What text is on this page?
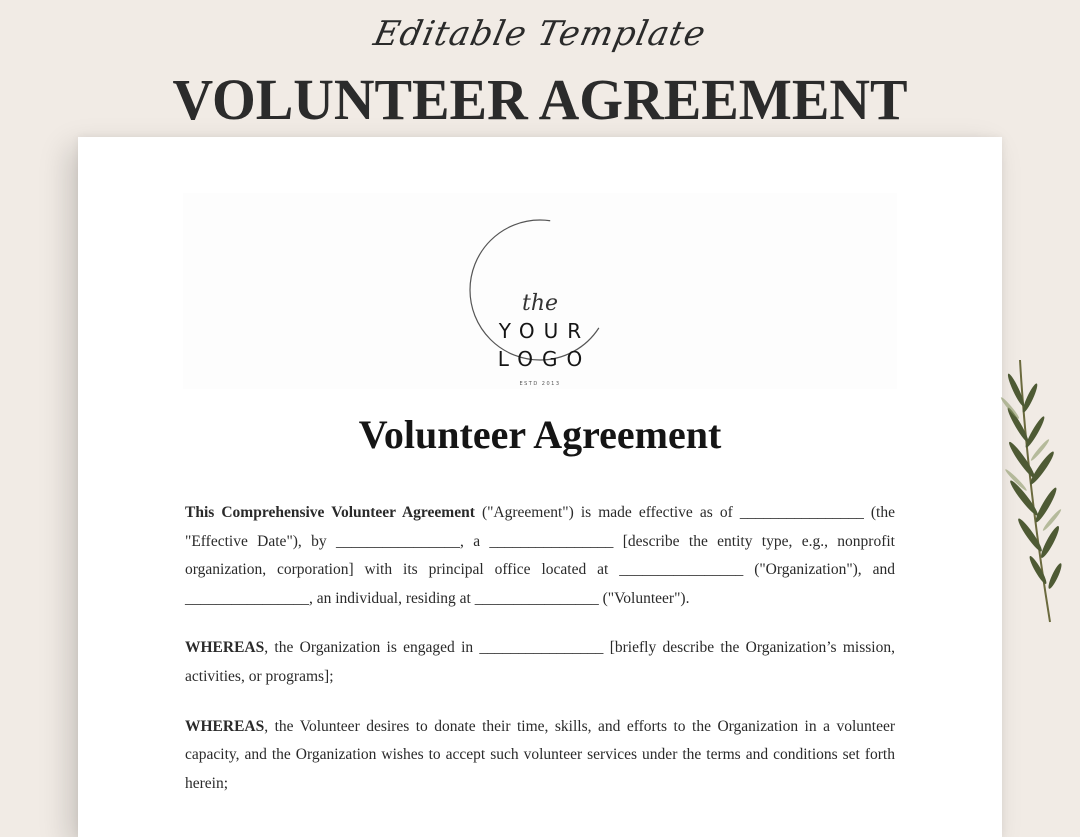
Editable Template
VOLUNTEER AGREEMENT
the
YOUR
LOGO
ESTD 2013
Volunteer Agreement

This Comprehensive Volunteer Agreement ("Agreement") is made effective as of ________________ (the "Effective Date"), by ________________, a ________________ [describe the entity type, e.g., nonprofit organization, corporation] with its principal office located at ________________ ("Organization"), and ________________, an individual, residing at ________________ ("Volunteer").

WHEREAS, the Organization is engaged in ________________ [briefly describe the Organization’s mission, activities, or programs];

WHEREAS, the Volunteer desires to donate their time, skills, and efforts to the Organization in a volunteer capacity, and the Organization wishes to accept such volunteer services under the terms and conditions set forth herein;
